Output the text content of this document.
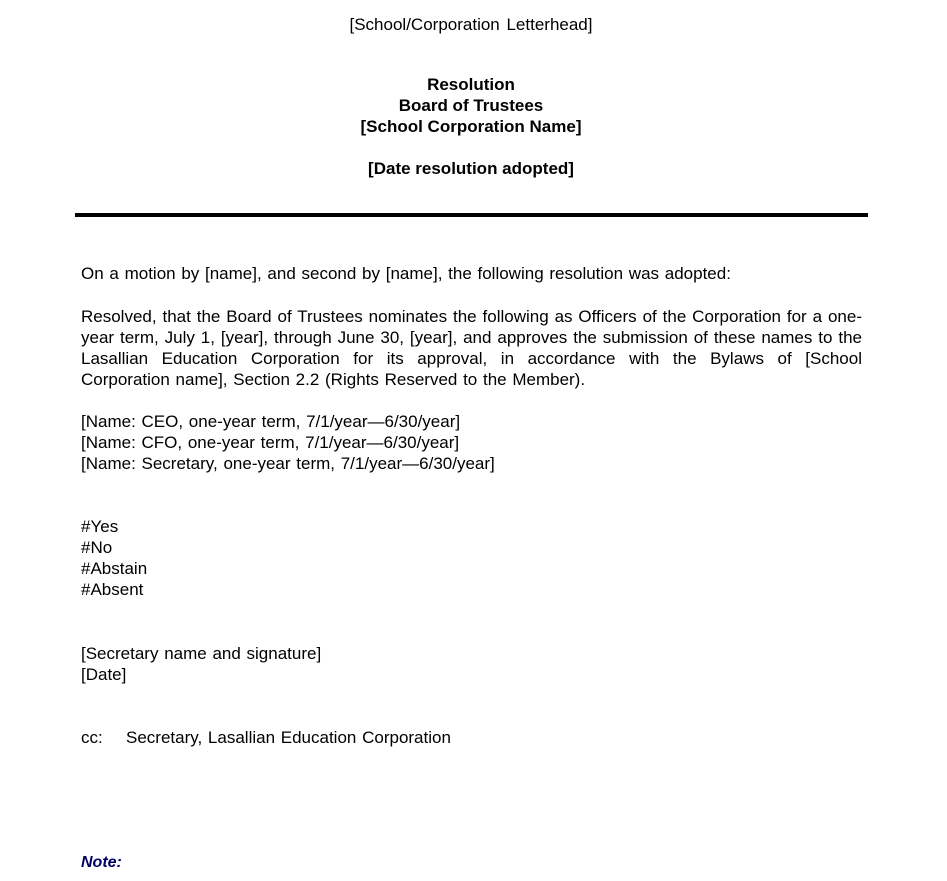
[School/Corporation Letterhead]
Resolution
Board of Trustees
[School Corporation Name]
[Date resolution adopted]
On a motion by [name], and second by [name], the following resolution was adopted:
Resolved, that the Board of Trustees nominates the following as Officers of the Corporation for a one-year term, July 1, [year], through June 30, [year], and approves the submission of these names to the Lasallian Education Corporation for its approval, in accordance with the Bylaws of [School Corporation name], Section 2.2 (Rights Reserved to the Member).
[Name: CEO, one-year term, 7/1/year—6/30/year]
[Name: CFO, one-year term, 7/1/year—6/30/year]
[Name: Secretary, one-year term, 7/1/year—6/30/year]
#Yes
#No
#Abstain
#Absent
[Secretary name and signature]
[Date]
cc: Secretary, Lasallian Education Corporation
Note:
